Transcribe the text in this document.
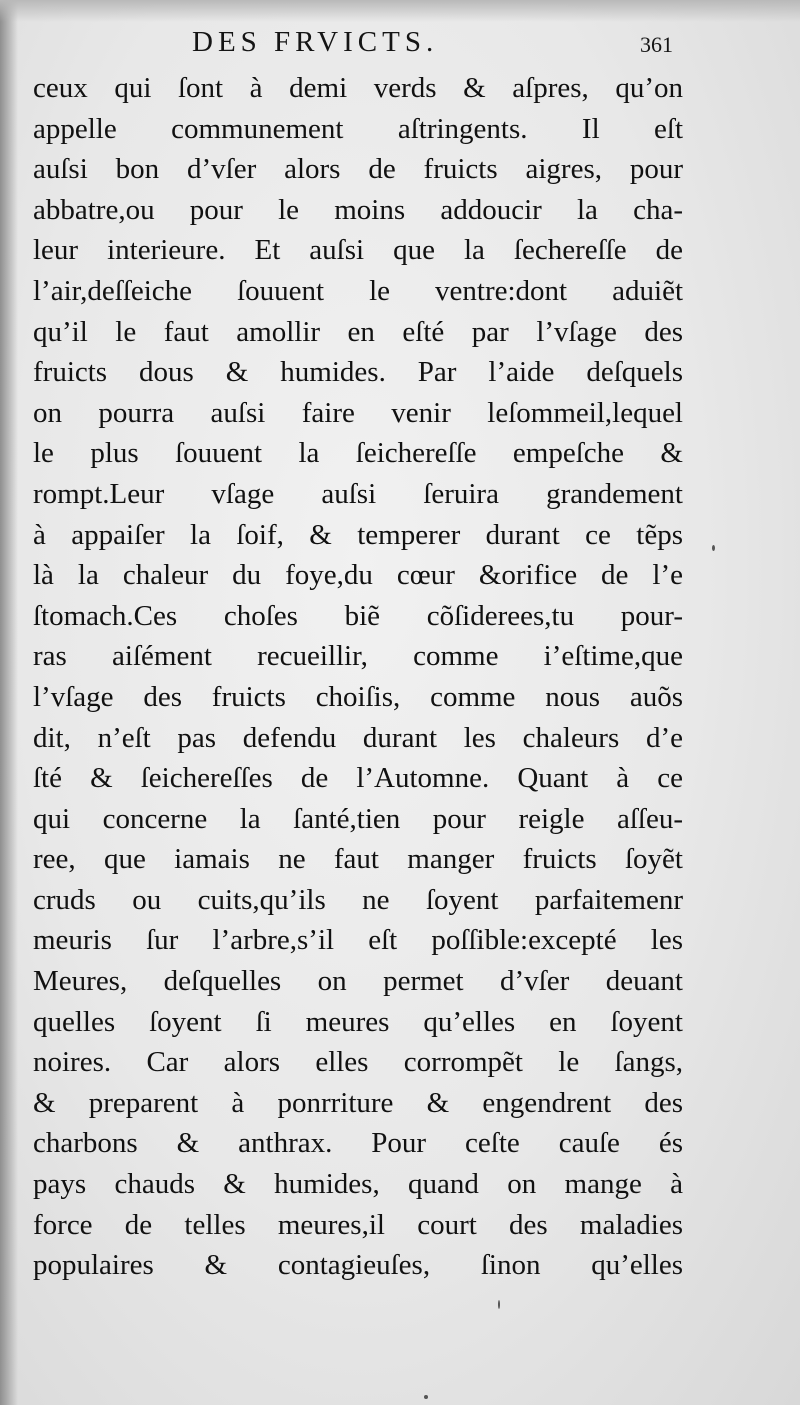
DES FRVICTS.	361
ceux qui ſont à demi verds & aſpres, qu’on
appelle communement aſtringents. Il eſt
auſsi bon d’vſer alors de fruicts aigres, pour
abbatre,ou pour le moins addoucir la cha-
leur interieure. Et auſsi que la ſechereſſe de
l’air,deſſeiche ſouuent le ventre:dont aduiẽt
qu’il le faut amollir en eſté par l’vſage des
fruicts dous & humides. Par l’aide deſquels
on pourra auſsi faire venir leſommeil,lequel
le plus ſouuent la ſeichereſſe empeſche &
rompt.Leur vſage auſsi ſeruira grandement
à appaiſer la ſoif, & temperer durant ce tẽps
là la chaleur du foye,du cœur &orifice de l’e
ſtomach.Ces choſes biẽ cõſiderees,tu pour-
ras aiſément recueillir, comme i’eſtime,que
l’vſage des fruicts choiſis, comme nous auõs
dit, n’eſt pas defendu durant les chaleurs d’e
ſté & ſeichereſſes de l’Automne. Quant à ce
qui concerne la ſanté,tien pour reigle aſſeu-
ree, que iamais ne faut manger fruicts ſoyẽt
cruds ou cuits,qu’ils ne ſoyent parfaitemenr
meuris ſur l’arbre,s’il eſt poſſible:excepté les
Meures, deſquelles on permet d’vſer deuant
quelles ſoyent ſi meures qu’elles en ſoyent
noires. Car alors elles corrompẽt le ſangs,
& preparent à ponrriture & engendrent des
charbons & anthrax. Pour ceſte cauſe és
pays chauds & humides, quand on mange à
force de telles meures,il court des maladies
populaires & contagieuſes, ſinon qu’elles
